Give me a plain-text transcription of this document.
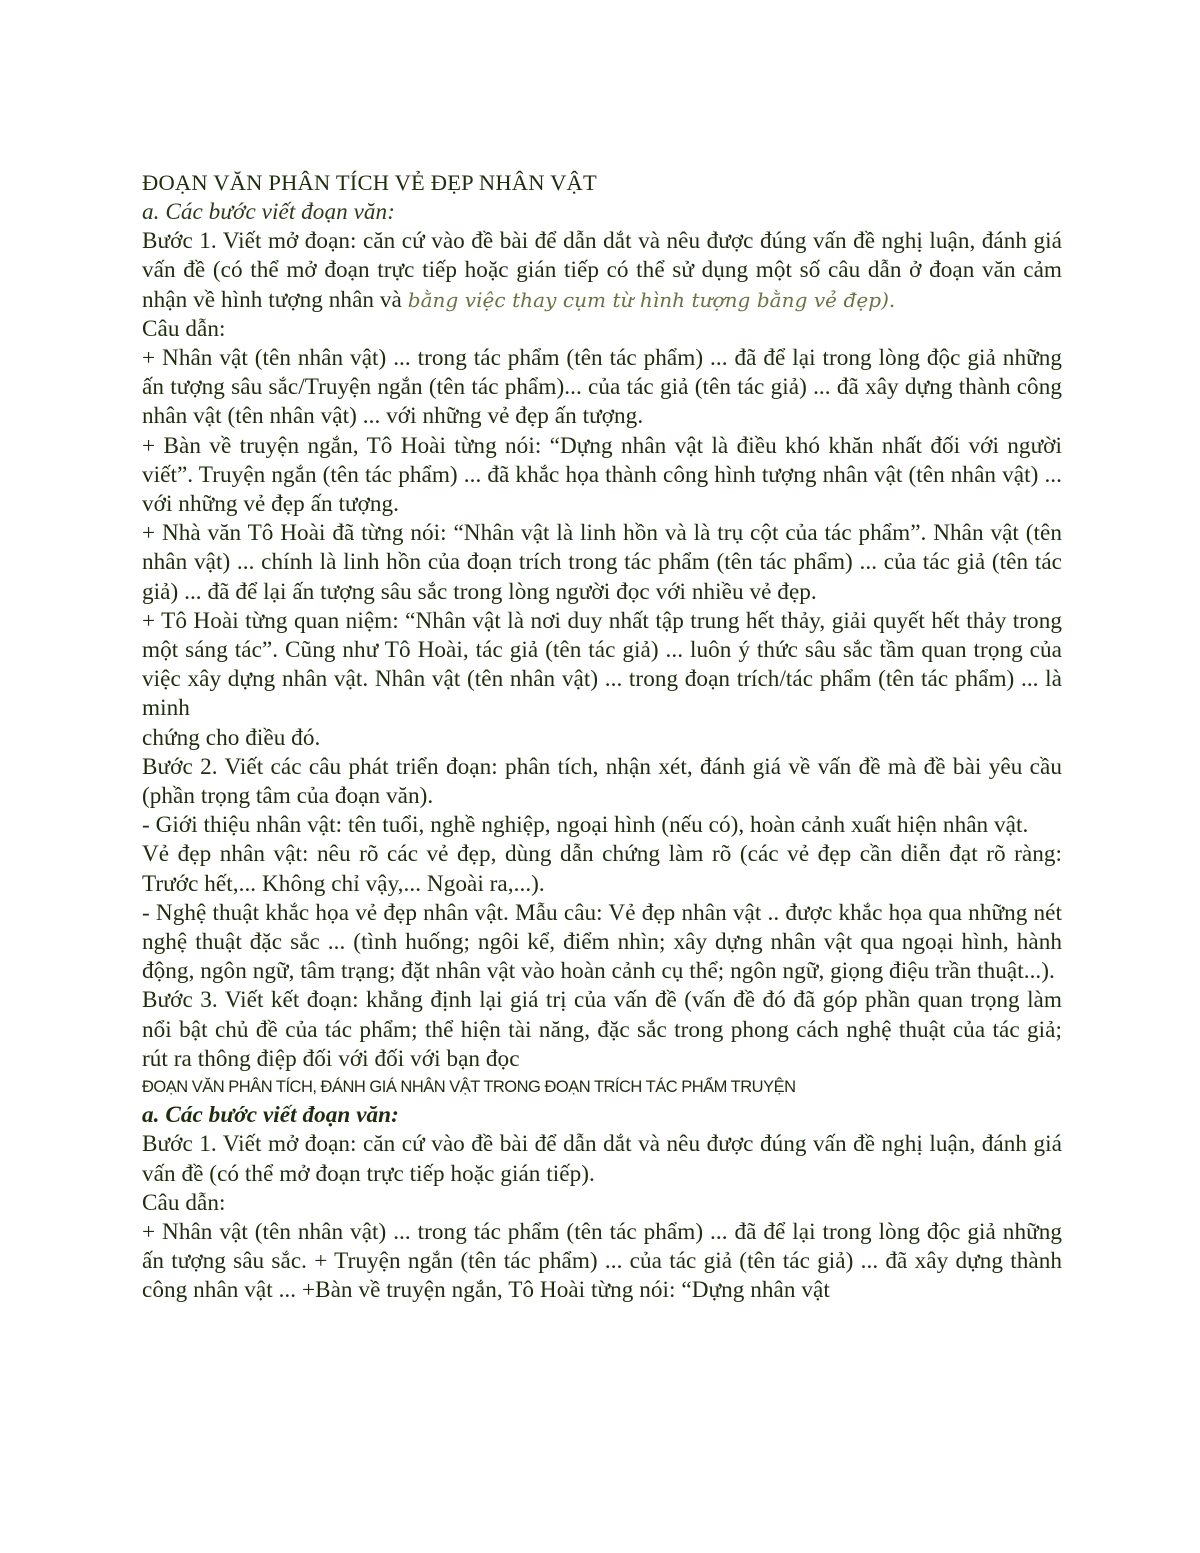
ĐOẠN VĂN PHÂN TÍCH VẺ ĐẸP NHÂN VẬT

a. Các bước viết đoạn văn:

Bước 1. Viết mở đoạn: căn cứ vào đề bài để dẫn dắt và nêu được đúng vấn đề nghị luận, đánh giá vấn đề (có thể mở đoạn trực tiếp hoặc gián tiếp có thể sử dụng một số câu dẫn ở đoạn văn cảm nhận về hình tượng nhân và bằng việc thay cụm từ hình tượng bằng vẻ đẹp).

Câu dẫn:

+ Nhân vật (tên nhân vật) ... trong tác phẩm (tên tác phẩm) ... đã để lại trong lòng độc giả những ấn tượng sâu sắc/Truyện ngắn (tên tác phẩm)... của tác giả (tên tác giả) ... đã xây dựng thành công nhân vật (tên nhân vật) ... với những vẻ đẹp ấn tượng.

+ Bàn về truyện ngắn, Tô Hoài từng nói: “Dựng nhân vật là điều khó khăn nhất đối với người viết”. Truyện ngắn (tên tác phẩm) ... đã khắc họa thành công hình tượng nhân vật (tên nhân vật) ... với những vẻ đẹp ấn tượng.

+ Nhà văn Tô Hoài đã từng nói: “Nhân vật là linh hồn và là trụ cột của tác phẩm”. Nhân vật (tên nhân vật) ... chính là linh hồn của đoạn trích trong tác phẩm (tên tác phẩm) ... của tác giả (tên tác giả) ... đã để lại ấn tượng sâu sắc trong lòng người đọc với nhiều vẻ đẹp.

+ Tô Hoài từng quan niệm: “Nhân vật là nơi duy nhất tập trung hết thảy, giải quyết hết thảy trong một sáng tác”. Cũng như Tô Hoài, tác giả (tên tác giả) ... luôn ý thức sâu sắc tầm quan trọng của việc xây dựng nhân vật. Nhân vật (tên nhân vật) ... trong đoạn trích/tác phẩm (tên tác phẩm) ... là minh

chứng cho điều đó.

Bước 2. Viết các câu phát triển đoạn: phân tích, nhận xét, đánh giá về vấn đề mà đề bài yêu cầu (phần trọng tâm của đoạn văn).

- Giới thiệu nhân vật: tên tuổi, nghề nghiệp, ngoại hình (nếu có), hoàn cảnh xuất hiện nhân vật.

Vẻ đẹp nhân vật: nêu rõ các vẻ đẹp, dùng dẫn chứng làm rõ (các vẻ đẹp cần diễn đạt rõ ràng: Trước hết,... Không chỉ vậy,... Ngoài ra,...).

- Nghệ thuật khắc họa vẻ đẹp nhân vật. Mẫu câu: Vẻ đẹp nhân vật .. được khắc họa qua những nét nghệ thuật đặc sắc ... (tình huống; ngôi kể, điểm nhìn; xây dựng nhân vật qua ngoại hình, hành động, ngôn ngữ, tâm trạng; đặt nhân vật vào hoàn cảnh cụ thể; ngôn ngữ, giọng điệu trần thuật...).

Bước 3. Viết kết đoạn: khẳng định lại giá trị của vấn đề (vấn đề đó đã góp phần quan trọng làm nổi bật chủ đề của tác phẩm; thể hiện tài năng, đặc sắc trong phong cách nghệ thuật của tác giả; rút ra thông điệp đối với đối với bạn đọc

ĐOẠN VĂN PHÂN TÍCH, ĐÁNH GIÁ NHÂN VẬT TRONG ĐOẠN TRÍCH TÁC PHẨM TRUYỆN

a. Các bước viết đoạn văn:

Bước 1. Viết mở đoạn: căn cứ vào đề bài để dẫn dắt và nêu được đúng vấn đề nghị luận, đánh giá vấn đề (có thể mở đoạn trực tiếp hoặc gián tiếp).

Câu dẫn:

+ Nhân vật (tên nhân vật) ... trong tác phẩm (tên tác phẩm) ... đã để lại trong lòng độc giả những ấn tượng sâu sắc. + Truyện ngắn (tên tác phẩm) ... của tác giả (tên tác giả) ... đã xây dựng thành công nhân vật ... +Bàn về truyện ngắn, Tô Hoài từng nói: “Dựng nhân vật
